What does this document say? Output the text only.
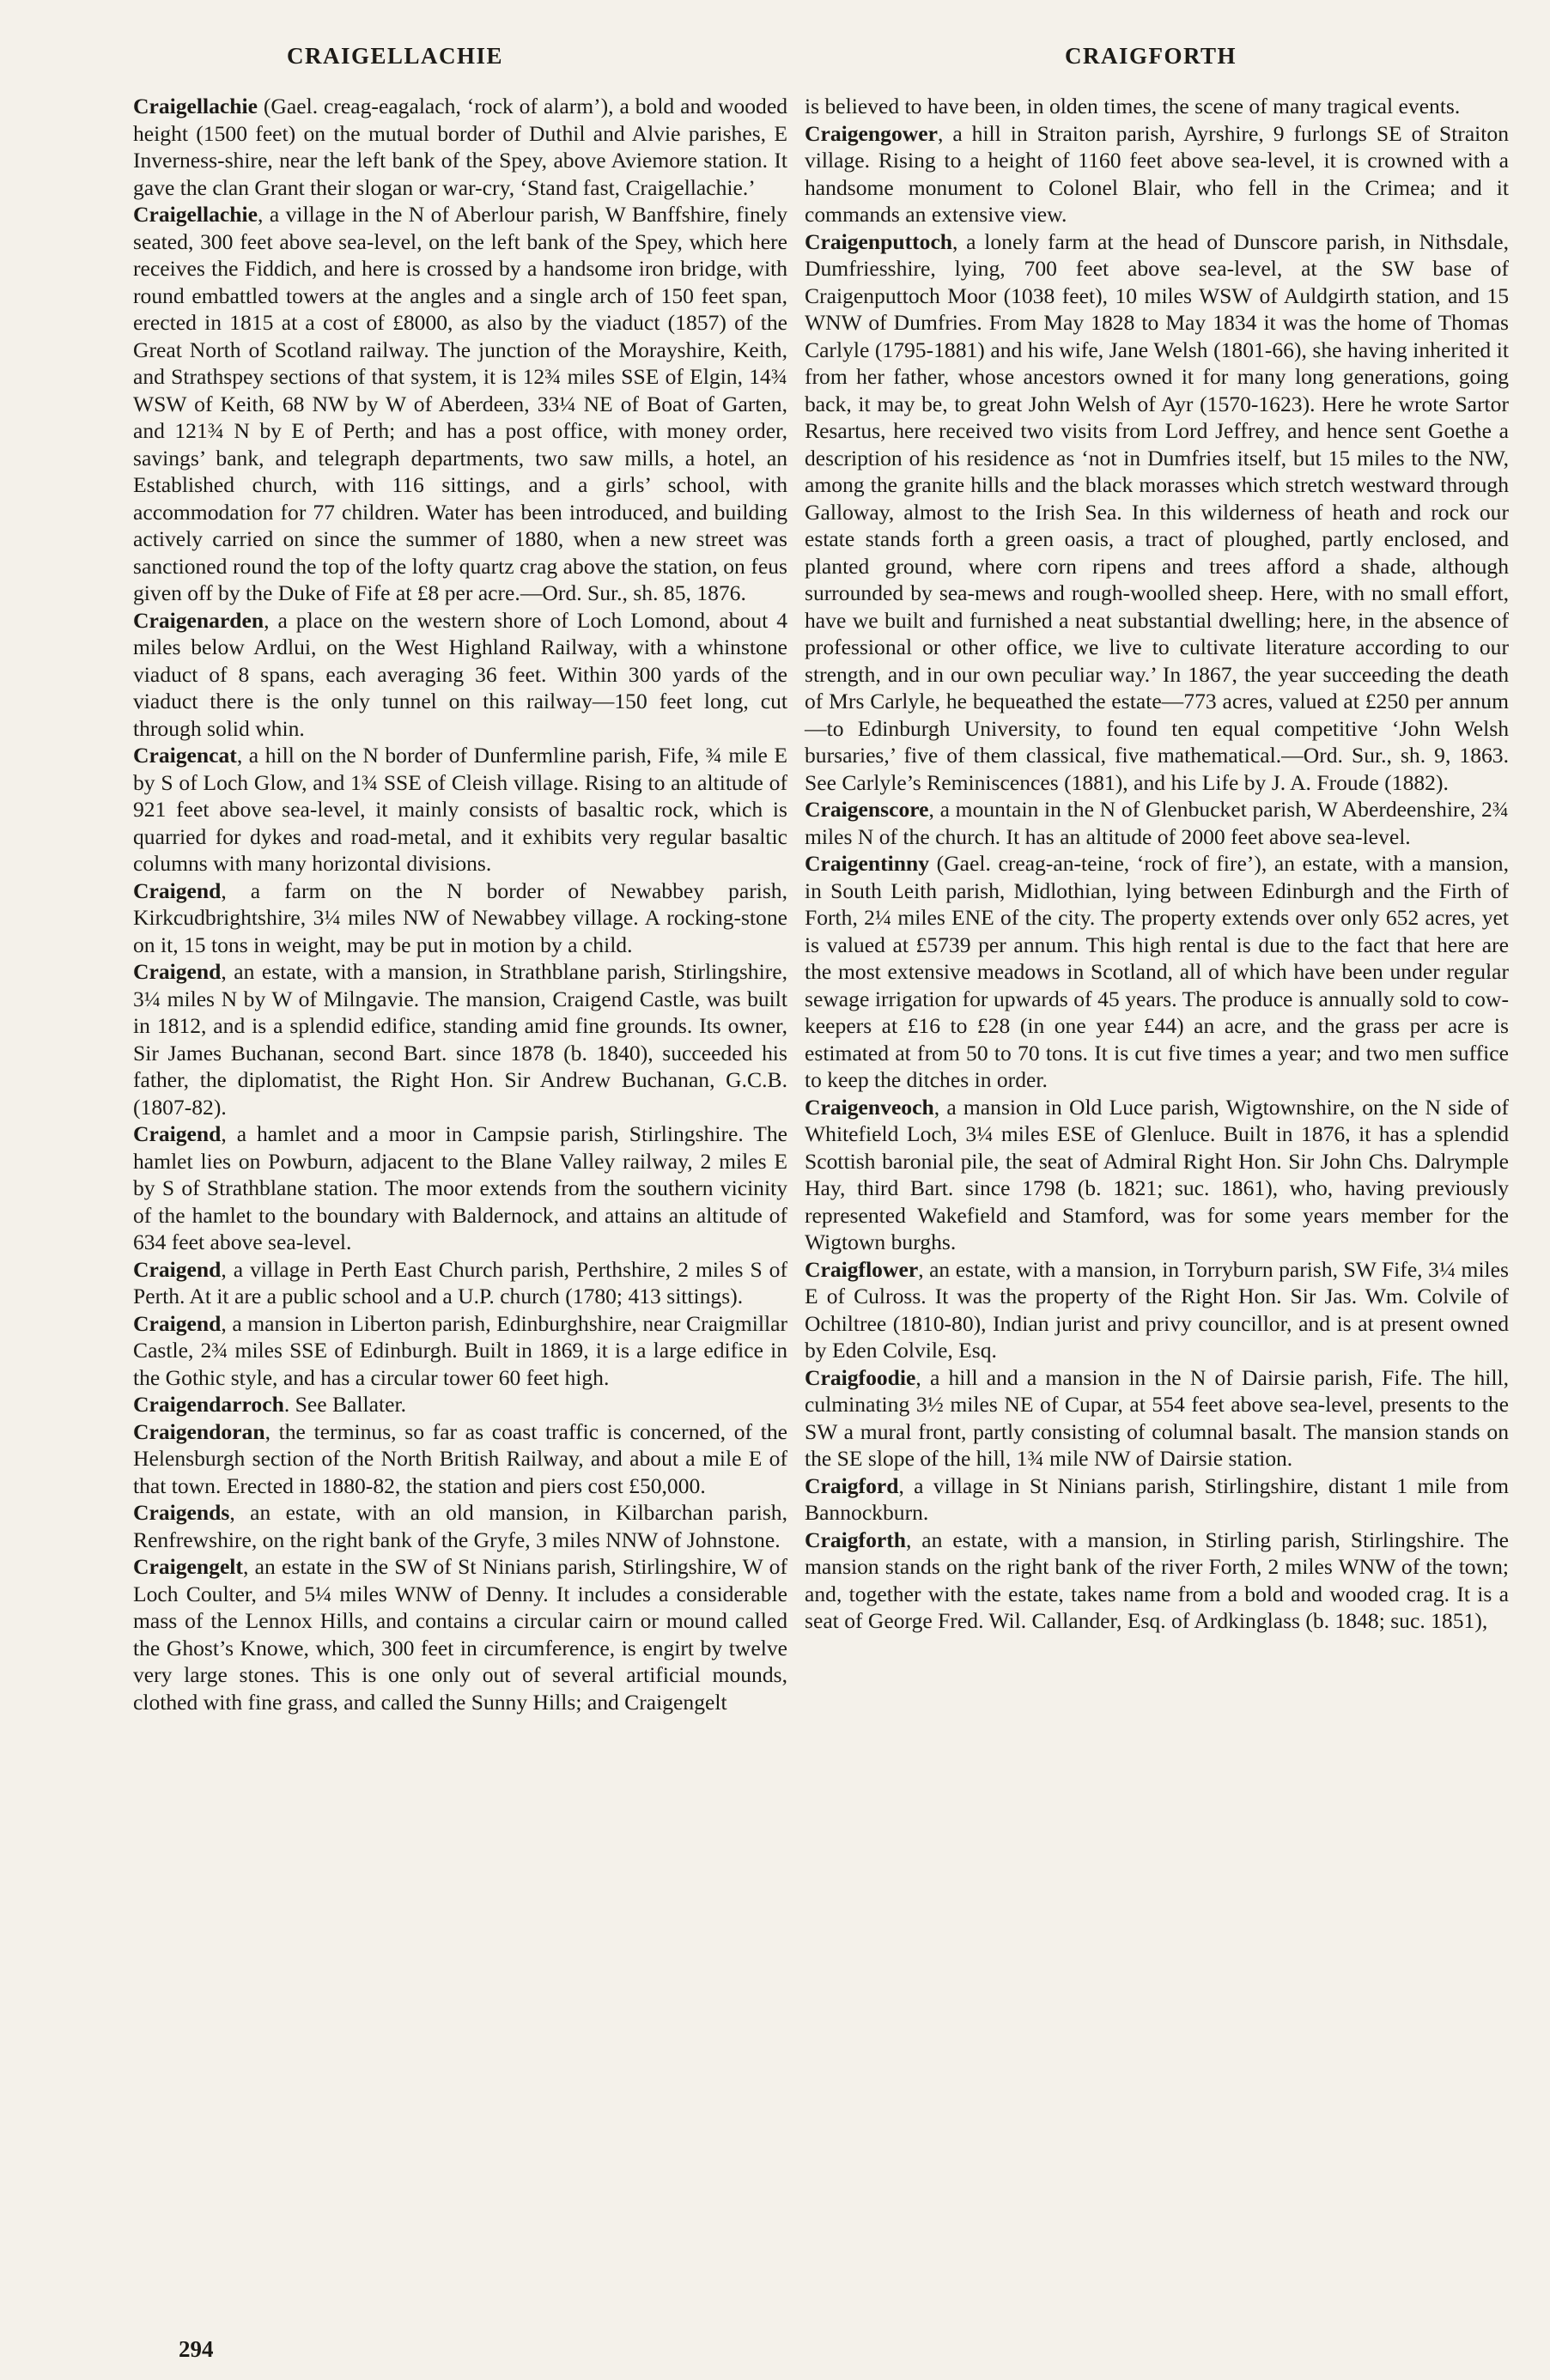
CRAIGELLACHIE	CRAIGFORTH

Craigellachie (Gael. creag-eagalach, ‘rock of alarm’), a bold and wooded height (1500 feet) on the mutual border of Duthil and Alvie parishes, E Inverness-shire, near the left bank of the Spey, above Aviemore station. It gave the clan Grant their slogan or war-cry, ‘Stand fast, Craigellachie.’

Craigellachie, a village in the N of Aberlour parish, W Banffshire, finely seated, 300 feet above sea-level, on the left bank of the Spey, which here receives the Fiddich, and here is crossed by a handsome iron bridge, with round embattled towers at the angles and a single arch of 150 feet span, erected in 1815 at a cost of £8000, as also by the viaduct (1857) of the Great North of Scotland railway. The junction of the Morayshire, Keith, and Strathspey sections of that system, it is 12¾ miles SSE of Elgin, 14¾ WSW of Keith, 68 NW by W of Aberdeen, 33¼ NE of Boat of Garten, and 121¾ N by E of Perth; and has a post office, with money order, savings’ bank, and telegraph departments, two saw mills, a hotel, an Established church, with 116 sittings, and a girls’ school, with accommodation for 77 children. Water has been introduced, and building actively carried on since the summer of 1880, when a new street was sanctioned round the top of the lofty quartz crag above the station, on feus given off by the Duke of Fife at £8 per acre.—Ord. Sur., sh. 85, 1876.

Craigenarden, a place on the western shore of Loch Lomond, about 4 miles below Ardlui, on the West Highland Railway, with a whinstone viaduct of 8 spans, each averaging 36 feet. Within 300 yards of the viaduct there is the only tunnel on this railway—150 feet long, cut through solid whin.

Craigencat, a hill on the N border of Dunfermline parish, Fife, ¾ mile E by S of Loch Glow, and 1¾ SSE of Cleish village. Rising to an altitude of 921 feet above sea-level, it mainly consists of basaltic rock, which is quarried for dykes and road-metal, and it exhibits very regular basaltic columns with many horizontal divisions.

Craigend, a farm on the N border of Newabbey parish, Kirkcudbrightshire, 3¼ miles NW of Newabbey village. A rocking-stone on it, 15 tons in weight, may be put in motion by a child.

Craigend, an estate, with a mansion, in Strathblane parish, Stirlingshire, 3¼ miles N by W of Milngavie. The mansion, Craigend Castle, was built in 1812, and is a splendid edifice, standing amid fine grounds. Its owner, Sir James Buchanan, second Bart. since 1878 (b. 1840), succeeded his father, the diplomatist, the Right Hon. Sir Andrew Buchanan, G.C.B. (1807-82).

Craigend, a hamlet and a moor in Campsie parish, Stirlingshire. The hamlet lies on Powburn, adjacent to the Blane Valley railway, 2 miles E by S of Strathblane station. The moor extends from the southern vicinity of the hamlet to the boundary with Baldernock, and attains an altitude of 634 feet above sea-level.

Craigend, a village in Perth East Church parish, Perthshire, 2 miles S of Perth. At it are a public school and a U.P. church (1780; 413 sittings).

Craigend, a mansion in Liberton parish, Edinburghshire, near Craigmillar Castle, 2¾ miles SSE of Edinburgh. Built in 1869, it is a large edifice in the Gothic style, and has a circular tower 60 feet high.

Craigendarroch. See Ballater.

Craigendoran, the terminus, so far as coast traffic is concerned, of the Helensburgh section of the North British Railway, and about a mile E of that town. Erected in 1880-82, the station and piers cost £50,000.

Craigends, an estate, with an old mansion, in Kilbarchan parish, Renfrewshire, on the right bank of the Gryfe, 3 miles NNW of Johnstone.

Craigengelt, an estate in the SW of St Ninians parish, Stirlingshire, W of Loch Coulter, and 5¼ miles WNW of Denny. It includes a considerable mass of the Lennox Hills, and contains a circular cairn or mound called the Ghost’s Knowe, which, 300 feet in circumference, is engirt by twelve very large stones. This is one only out of several artificial mounds, clothed with fine grass, and called the Sunny Hills; and Craigengelt

is believed to have been, in olden times, the scene of many tragical events.

Craigengower, a hill in Straiton parish, Ayrshire, 9 furlongs SE of Straiton village. Rising to a height of 1160 feet above sea-level, it is crowned with a handsome monument to Colonel Blair, who fell in the Crimea; and it commands an extensive view.

Craigenputtoch, a lonely farm at the head of Dunscore parish, in Nithsdale, Dumfriesshire, lying, 700 feet above sea-level, at the SW base of Craigenputtoch Moor (1038 feet), 10 miles WSW of Auldgirth station, and 15 WNW of Dumfries. From May 1828 to May 1834 it was the home of Thomas Carlyle (1795-1881) and his wife, Jane Welsh (1801-66), she having inherited it from her father, whose ancestors owned it for many long generations, going back, it may be, to great John Welsh of Ayr (1570-1623). Here he wrote Sartor Resartus, here received two visits from Lord Jeffrey, and hence sent Goethe a description of his residence as ‘not in Dumfries itself, but 15 miles to the NW, among the granite hills and the black morasses which stretch westward through Galloway, almost to the Irish Sea. In this wilderness of heath and rock our estate stands forth a green oasis, a tract of ploughed, partly enclosed, and planted ground, where corn ripens and trees afford a shade, although surrounded by sea-mews and rough-woolled sheep. Here, with no small effort, have we built and furnished a neat substantial dwelling; here, in the absence of professional or other office, we live to cultivate literature according to our strength, and in our own peculiar way.’ In 1867, the year succeeding the death of Mrs Carlyle, he bequeathed the estate—773 acres, valued at £250 per annum—to Edinburgh University, to found ten equal competitive ‘John Welsh bursaries,’ five of them classical, five mathematical.—Ord. Sur., sh. 9, 1863. See Carlyle’s Reminiscences (1881), and his Life by J. A. Froude (1882).

Craigenscore, a mountain in the N of Glenbucket parish, W Aberdeenshire, 2¾ miles N of the church. It has an altitude of 2000 feet above sea-level.

Craigentinny (Gael. creag-an-teine, ‘rock of fire’), an estate, with a mansion, in South Leith parish, Midlothian, lying between Edinburgh and the Firth of Forth, 2¼ miles ENE of the city. The property extends over only 652 acres, yet is valued at £5739 per annum. This high rental is due to the fact that here are the most extensive meadows in Scotland, all of which have been under regular sewage irrigation for upwards of 45 years. The produce is annually sold to cow-keepers at £16 to £28 (in one year £44) an acre, and the grass per acre is estimated at from 50 to 70 tons. It is cut five times a year; and two men suffice to keep the ditches in order.

Craigenveoch, a mansion in Old Luce parish, Wigtownshire, on the N side of Whitefield Loch, 3¼ miles ESE of Glenluce. Built in 1876, it has a splendid Scottish baronial pile, the seat of Admiral Right Hon. Sir John Chs. Dalrymple Hay, third Bart. since 1798 (b. 1821; suc. 1861), who, having previously represented Wakefield and Stamford, was for some years member for the Wigtown burghs.

Craigflower, an estate, with a mansion, in Torryburn parish, SW Fife, 3¼ miles E of Culross. It was the property of the Right Hon. Sir Jas. Wm. Colvile of Ochiltree (1810-80), Indian jurist and privy councillor, and is at present owned by Eden Colvile, Esq.

Craigfoodie, a hill and a mansion in the N of Dairsie parish, Fife. The hill, culminating 3½ miles NE of Cupar, at 554 feet above sea-level, presents to the SW a mural front, partly consisting of columnal basalt. The mansion stands on the SE slope of the hill, 1¾ mile NW of Dairsie station.

Craigford, a village in St Ninians parish, Stirlingshire, distant 1 mile from Bannockburn.

Craigforth, an estate, with a mansion, in Stirling parish, Stirlingshire. The mansion stands on the right bank of the river Forth, 2 miles WNW of the town; and, together with the estate, takes name from a bold and wooded crag. It is a seat of George Fred. Wil. Callander, Esq. of Ardkinglass (b. 1848; suc. 1851),

294
